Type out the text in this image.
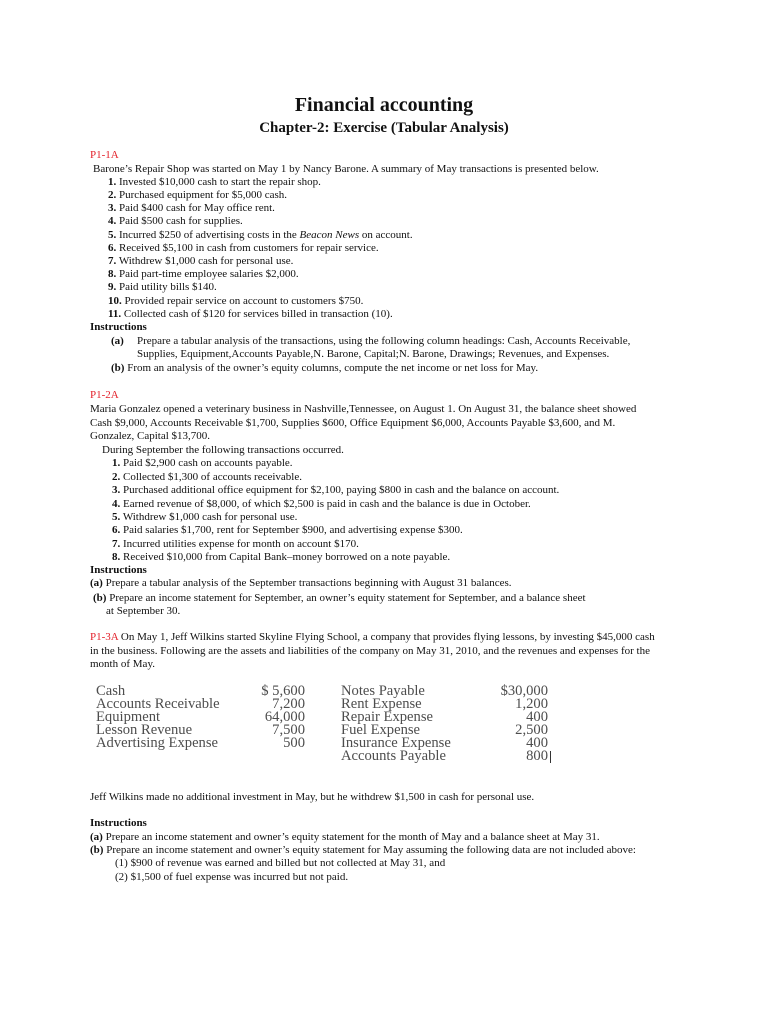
Financial accounting
Chapter-2: Exercise (Tabular Analysis)
P1-1A
Barone’s Repair Shop was started on May 1 by Nancy Barone. A summary of May transactions is presented below.
1. Invested $10,000 cash to start the repair shop.
2. Purchased equipment for $5,000 cash.
3. Paid $400 cash for May office rent.
4. Paid $500 cash for supplies.
5. Incurred $250 of advertising costs in the Beacon News on account.
6. Received $5,100 in cash from customers for repair service.
7. Withdrew $1,000 cash for personal use.
8. Paid part-time employee salaries $2,000.
9. Paid utility bills $140.
10. Provided repair service on account to customers $750.
11. Collected cash of $120 for services billed in transaction (10).
Instructions
(a) Prepare a tabular analysis of the transactions, using the following column headings: Cash, Accounts Receivable,
Supplies, Equipment,Accounts Payable,N. Barone, Capital;N. Barone, Drawings; Revenues, and Expenses.
(b) From an analysis of the owner’s equity columns, compute the net income or net loss for May.
P1-2A
Maria Gonzalez opened a veterinary business in Nashville,Tennessee, on August 1. On August 31, the balance sheet showed
Cash $9,000, Accounts Receivable $1,700, Supplies $600, Office Equipment $6,000, Accounts Payable $3,600, and M.
Gonzalez, Capital $13,700.
During September the following transactions occurred.
1. Paid $2,900 cash on accounts payable.
2. Collected $1,300 of accounts receivable.
3. Purchased additional office equipment for $2,100, paying $800 in cash and the balance on account.
4. Earned revenue of $8,000, of which $2,500 is paid in cash and the balance is due in October.
5. Withdrew $1,000 cash for personal use.
6. Paid salaries $1,700, rent for September $900, and advertising expense $300.
7. Incurred utilities expense for month on account $170.
8. Received $10,000 from Capital Bank–money borrowed on a note payable.
Instructions
(a) Prepare a tabular analysis of the September transactions beginning with August 31 balances.
(b) Prepare an income statement for September, an owner’s equity statement for September, and a balance sheet
at September 30.
P1-3A On May 1, Jeff Wilkins started Skyline Flying School, a company that provides flying lessons, by investing $45,000 cash
in the business. Following are the assets and liabilities of the company on May 31, 2010, and the revenues and expenses for the
month of May.
Cash	$ 5,600 Notes Payable	$30,000
Accounts Receivable	7,200 Rent Expense	1,200
Equipment	64,000 Repair Expense	400
Lesson Revenue	7,500 Fuel Expense	2,500
Advertising Expense	500 Insurance Expense	400
Accounts Payable	800
Jeff Wilkins made no additional investment in May, but he withdrew $1,500 in cash for personal use.
Instructions
(a) Prepare an income statement and owner’s equity statement for the month of May and a balance sheet at May 31.
(b) Prepare an income statement and owner’s equity statement for May assuming the following data are not included above:
(1) $900 of revenue was earned and billed but not collected at May 31, and
(2) $1,500 of fuel expense was incurred but not paid.
